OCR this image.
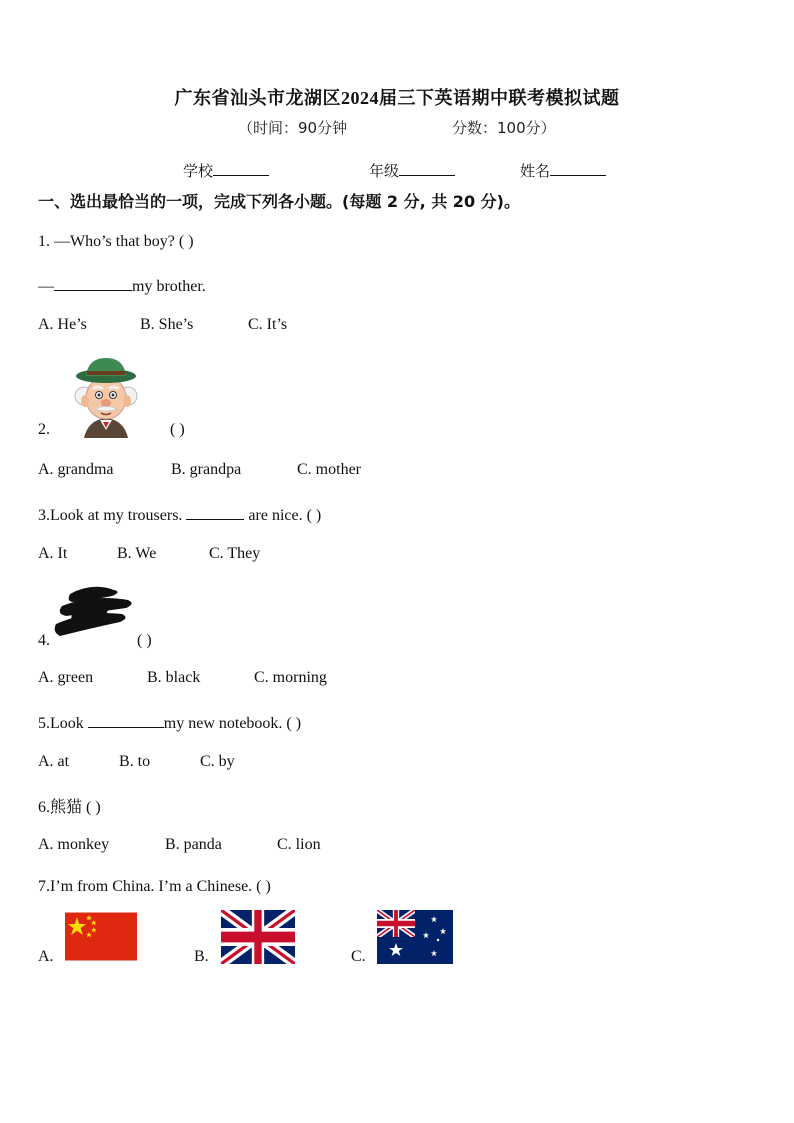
广东省汕头市龙湖区2024届三下英语期中联考模拟试题
（时间：90分钟	分数：100分）
学校	年级	姓名
一、选出最恰当的一项，完成下列各小题。(每题 2 分, 共 20 分)。
1. —Who’s that boy? ( )
—	my brother.
A. He’s	B. She’s	C. It’s
2.	( )
A. grandma	B. grandpa	C. mother
3.Look at my trousers.	are nice. ( )
A. It	B. We	C. They
4.	( )
A. green	B. black	C. morning
5.Look	my new notebook. ( )
A. at	B. to	C. by
6.熊猫 ( )
A. monkey	B. panda	C. lion
7.I’m from China. I’m a Chinese. ( )
A.	B.	C.
